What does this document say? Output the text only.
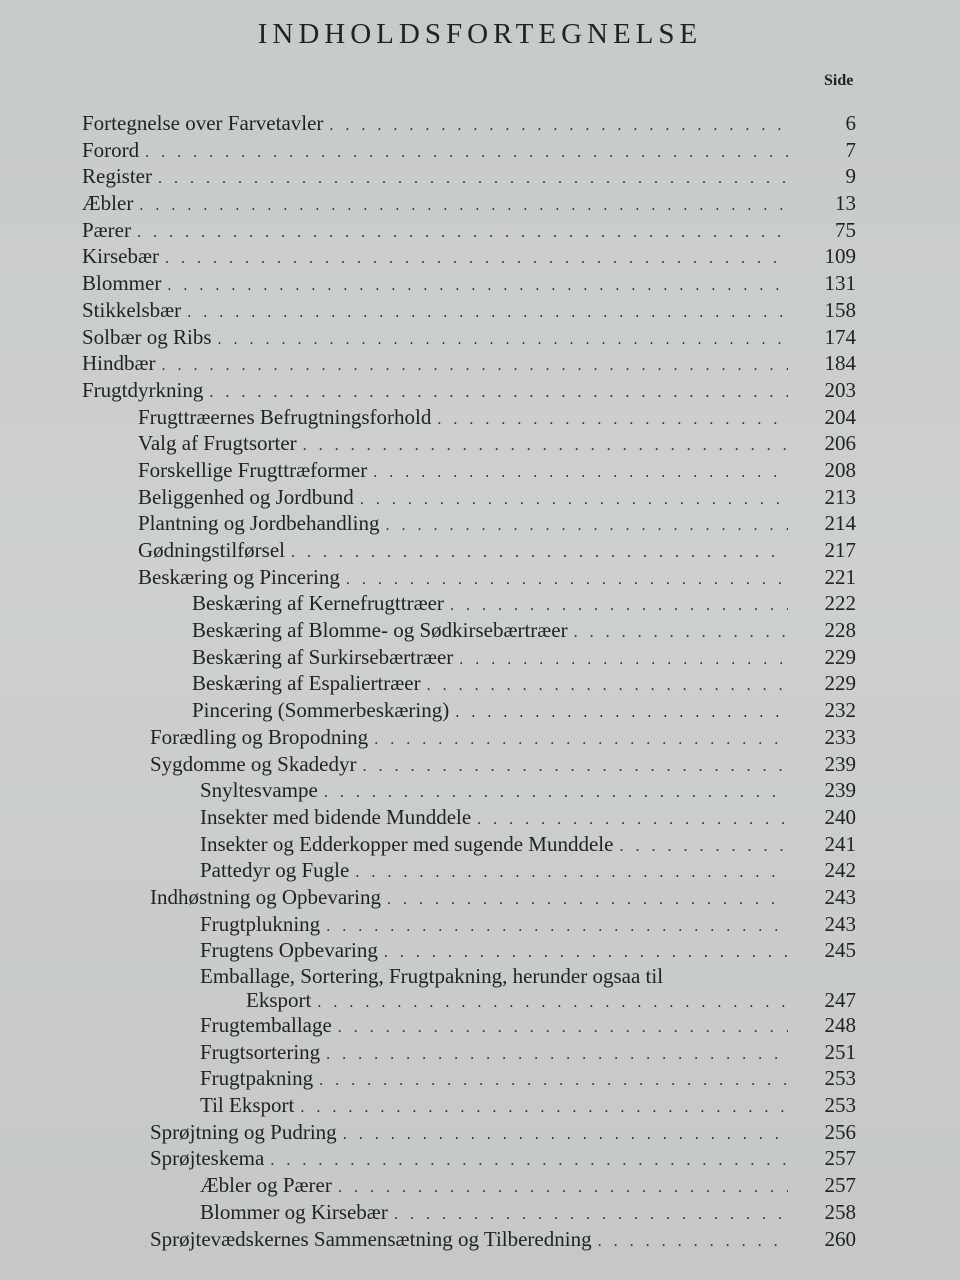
INDHOLDSFORTEGNELSE
Side
Fortegnelse over Farvetavler . . .	6
Forord . . .	7
Register . . .	9
Æbler . . .	13
Pærer . . .	75
Kirsebær . . .	109
Blommer . . .	131
Stikkelsbær . . .	158
Solbær og Ribs . . .	174
Hindbær . . .	184
Frugtdyrkning . . .	203
Frugttræernes Befrugtningsforhold . . .	204
Valg af Frugtsorter . . .	206
Forskellige Frugttræformer . . .	208
Beliggenhed og Jordbund . . .	213
Plantning og Jordbehandling . . .	214
Gødningstilførsel . . .	217
Beskæring og Pincering . . .	221
Beskæring af Kernefrugttræer . . .	222
Beskæring af Blomme- og Sødkirsebærtræer . . .	228
Beskæring af Surkirsebærtræer . . .	229
Beskæring af Espaliertræer . . .	229
Pincering (Sommerbeskæring) . . .	232
Forædling og Bropodning . . .	233
Sygdomme og Skadedyr . . .	239
Snyltesvampe . . .	239
Insekter med bidende Munddele . . .	240
Insekter og Edderkopper med sugende Munddele . . .	241
Pattedyr og Fugle . . .	242
Indhøstning og Opbevaring . . .	243
Frugtplukning . . .	243
Frugtens Opbevaring . . .	245
Emballage, Sortering, Frugtpakning, herunder ogsaa til
Eksport . . .	247
Frugtemballage . . .	248
Frugtsortering . . .	251
Frugtpakning . . .	253
Til Eksport . . .	253
Sprøjtning og Pudring . . .	256
Sprøjteskema . . .	257
Æbler og Pærer . . .	257
Blommer og Kirsebær . . .	258
Sprøjtevædskernes Sammensætning og Tilberedning . . .	260
